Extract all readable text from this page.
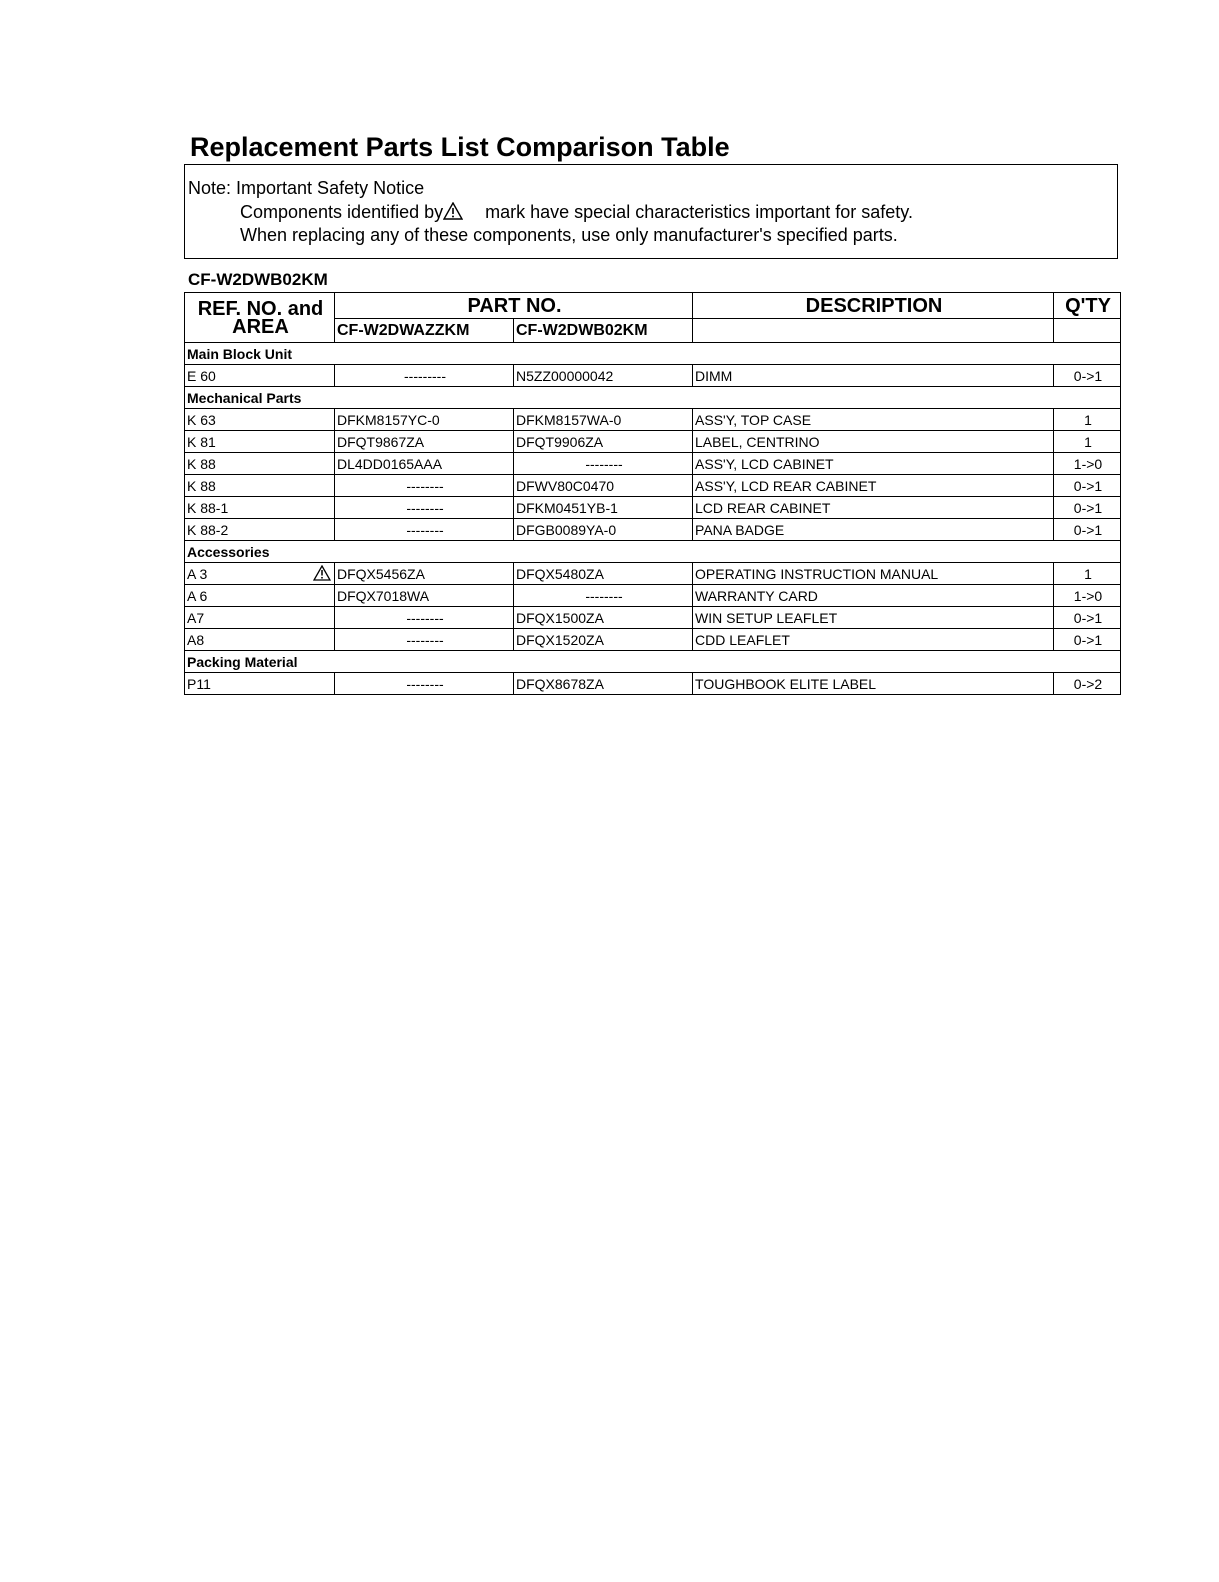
Replacement Parts List Comparison Table
Note: Important Safety Notice
Components identified by mark have special characteristics important for safety.
When replacing any of these components, use only manufacturer's specified parts.
CF-W2DWB02KM
REF. NO. and
AREA	PART NO.		DESCRIPTION	Q'TY
	CF-W2DWAZZKM	CF-W2DWB02KM		
Main Block Unit				
E 60	---------	N5ZZ00000042	DIMM	0->1
Mechanical Parts				
K 63	DFKM8157YC-0	DFKM8157WA-0	ASS'Y, TOP CASE	1
K 81	DFQT9867ZA	DFQT9906ZA	LABEL, CENTRINO	1
K 88	DL4DD0165AAA	--------	ASS'Y, LCD CABINET	1->0
K 88	--------	DFWV80C0470	ASS'Y, LCD REAR CABINET	0->1
K 88-1	--------	DFKM0451YB-1	LCD REAR CABINET	0->1
K 88-2	--------	DFGB0089YA-0	PANA BADGE	0->1
Accessories				
A 3	DFQX5456ZA	DFQX5480ZA	OPERATING INSTRUCTION MANUAL	1
A 6	DFQX7018WA	--------	WARRANTY CARD	1->0
A7	--------	DFQX1500ZA	WIN SETUP LEAFLET	0->1
A8	--------	DFQX1520ZA	CDD LEAFLET	0->1
Packing Material				
P11	--------	DFQX8678ZA	TOUGHBOOK ELITE LABEL	0->2
